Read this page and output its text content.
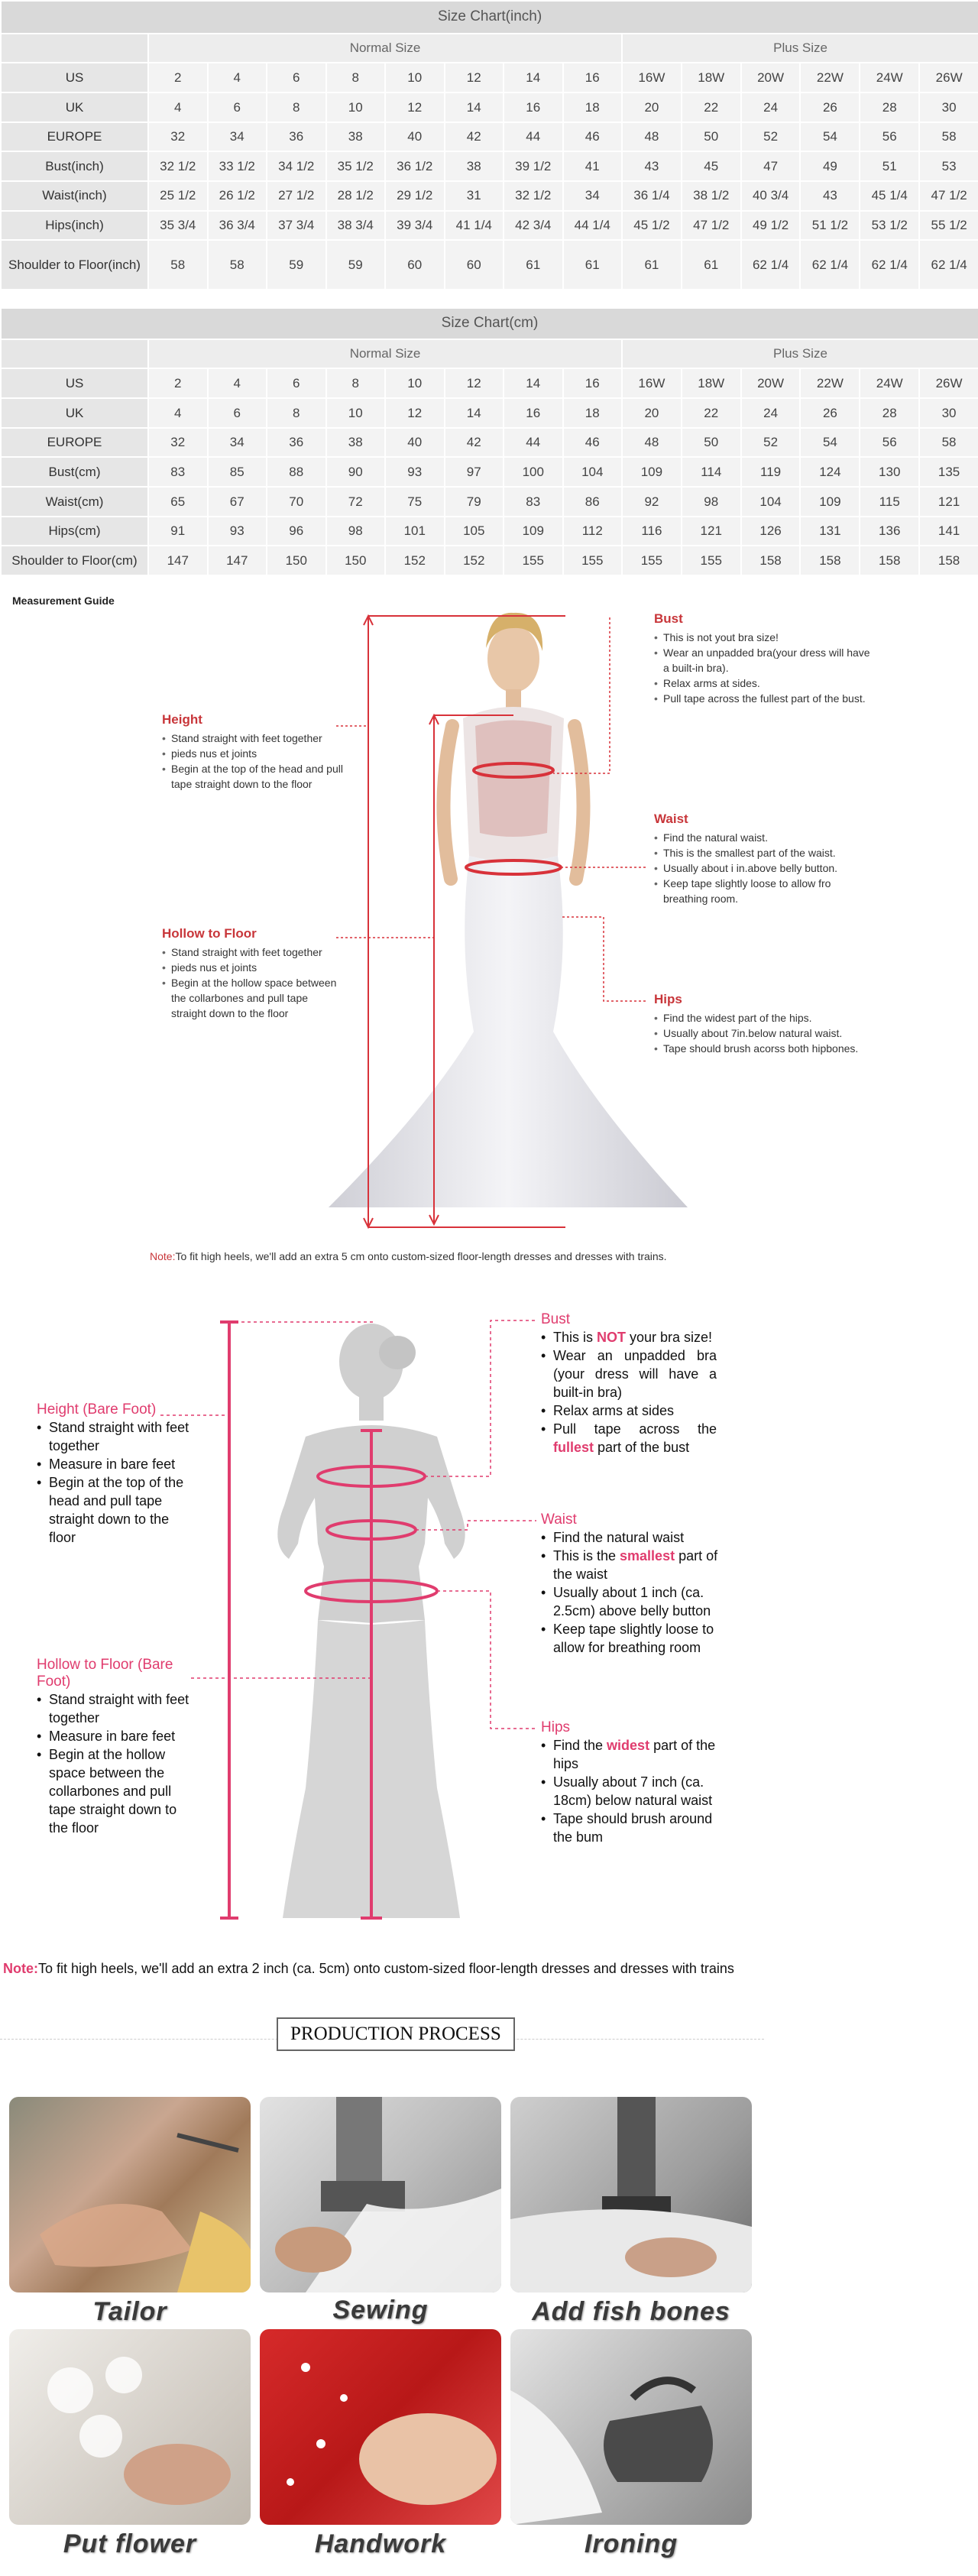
Size Chart(inch)														
	Normal Size								Plus Size					
US	2	4	6	8	10	12	14	16	16W	18W	20W	22W	24W	26W
UK	4	6	8	10	12	14	16	18	20	22	24	26	28	30
EUROPE	32	34	36	38	40	42	44	46	48	50	52	54	56	58
Bust(inch)	32 1/2	33 1/2	34 1/2	35 1/2	36 1/2	38	39 1/2	41	43	45	47	49	51	53
Waist(inch)	25 1/2	26 1/2	27 1/2	28 1/2	29 1/2	31	32 1/2	34	36 1/4	38 1/2	40 3/4	43	45 1/4	47 1/2
Hips(inch)	35 3/4	36 3/4	37 3/4	38 3/4	39 3/4	41 1/4	42 3/4	44 1/4	45 1/2	47 1/2	49 1/2	51 1/2	53 1/2	55 1/2
Shoulder to Floor(inch)	58	58	59	59	60	60	61	61	61	61	62 1/4	62 1/4	62 1/4	62 1/4
Size Chart(cm)														
	Normal Size								Plus Size					
US	2	4	6	8	10	12	14	16	16W	18W	20W	22W	24W	26W
UK	4	6	8	10	12	14	16	18	20	22	24	26	28	30
EUROPE	32	34	36	38	40	42	44	46	48	50	52	54	56	58
Bust(cm)	83	85	88	90	93	97	100	104	109	114	119	124	130	135
Waist(cm)	65	67	70	72	75	79	83	86	92	98	104	109	115	121
Hips(cm)	91	93	96	98	101	105	109	112	116	121	126	131	136	141
Shoulder to Floor(cm)	147	147	150	150	152	152	155	155	155	155	158	158	158	158
Measurement Guide
Height
• Stand straight with feet together
• pieds nus et joints
• Begin at the top of the head and pull tape straight down to the floor
Hollow to Floor
• Stand straight with feet together
• pieds nus et joints
• Begin at the hollow space between the collarbones and pull tape straight down to the floor
Bust
• This is not yout bra size!
• Wear an unpadded bra(your dress will have a built-in bra).
• Relax arms at sides.
• Pull tape across the fullest part of the bust.
Waist
• Find the natural waist.
• This is the smallest part of the waist.
• Usually about i in.above belly button.
• Keep tape slightly loose to allow fro breathing room.
Hips
• Find the widest part of the hips.
• Usually about 7in.below natural waist.
• Tape should brush acorss both hipbones.
Note:To fit high heels, we'll add an extra 5 cm onto custom-sized floor-length dresses and dresses with trains.
Height (Bare Foot)
• Stand straight with feet together
• Measure in bare feet
• Begin at the top of the head and pull tape straight down to the floor
Hollow to Floor (Bare Foot)
• Stand straight with feet together
• Measure in bare feet
• Begin at the hollow space between the collarbones and pull tape straight down to the floor
Bust
• This is NOT your bra size!
• Wear an unpadded bra (your dress will have a built-in bra)
• Relax arms at sides
• Pull tape across the fullest part of the bust
Waist
• Find the natural waist
• This is the smallest part of the waist
• Usually about 1 inch (ca. 2.5cm) above belly button
• Keep tape slightly loose to allow for breathing room
Hips
• Find the widest part of the hips
• Usually about 7 inch (ca. 18cm) below natural waist
• Tape should brush around the bum
Note:To fit high heels, we'll add an extra 2 inch (ca. 5cm) onto custom-sized floor-length dresses and dresses with trains
PRODUCTION PROCESS
Tailor	Sewing	Add fish bones
Put flower	Handwork	Ironing
